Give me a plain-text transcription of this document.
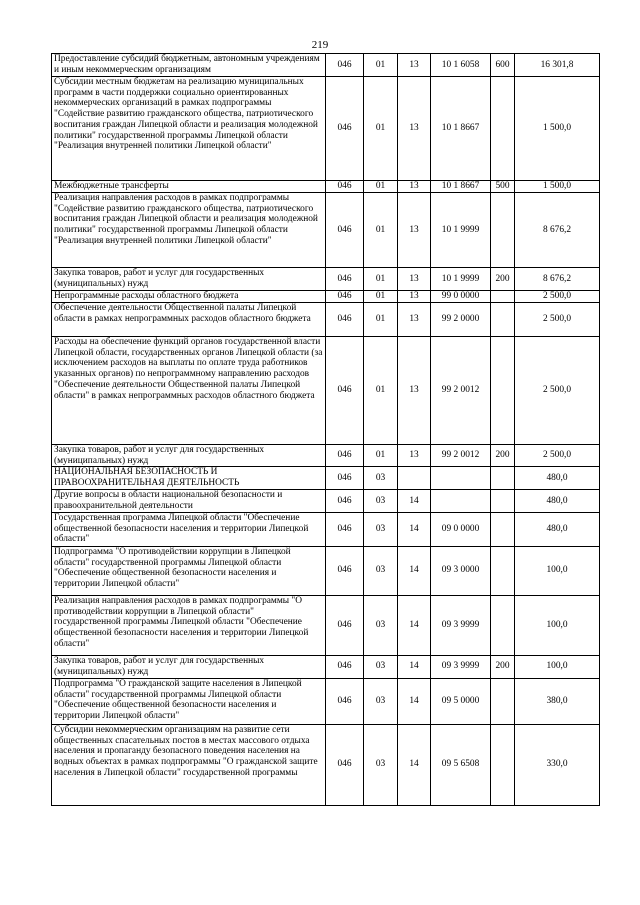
219
Предоставление субсидий бюджетным, автономным учреждениям и иным некоммерческим организациям	046	01	13	10 1 6058	600	16 301,8
Субсидии местным бюджетам на реализацию муниципальных программ в части поддержки социально ориентированных некоммерческих организаций в рамках подпрограммы "Содействие развитию гражданского общества, патриотического воспитания граждан Липецкой области и реализация молодежной политики" государственной программы Липецкой области "Реализация внутренней политики Липецкой области"	046	01	13	10 1 8667		1 500,0
Межбюджетные трансферты	046	01	13	10 1 8667	500	1 500,0
Реализация направления расходов в рамках подпрограммы "Содействие развитию гражданского общества, патриотического воспитания граждан Липецкой области и реализация молодежной политики" государственной программы Липецкой области "Реализация внутренней политики Липецкой области"	046	01	13	10 1 9999		8 676,2
Закупка товаров, работ и услуг для государственных (муниципальных) нужд	046	01	13	10 1 9999	200	8 676,2
Непрограммные расходы областного бюджета	046	01	13	99 0 0000		2 500,0
Обеспечение деятельности Общественной палаты Липецкой области в рамках непрограммных расходов областного бюджета	046	01	13	99 2 0000		2 500,0
Расходы на обеспечение функций органов государственной власти Липецкой области, государственных органов Липецкой области (за исключением расходов на выплаты по оплате труда работников указанных органов) по непрограммному направлению расходов "Обеспечение деятельности Общественной палаты Липецкой области" в рамках непрограммных расходов областного бюджета	046	01	13	99 2 0012		2 500,0
Закупка товаров, работ и услуг для государственных (муниципальных) нужд	046	01	13	99 2 0012	200	2 500,0
НАЦИОНАЛЬНАЯ БЕЗОПАСНОСТЬ И ПРАВООХРАНИТЕЛЬНАЯ ДЕЯТЕЛЬНОСТЬ	046	03				480,0
Другие вопросы в области национальной безопасности и правоохранительной деятельности	046	03	14			480,0
Государственная программа Липецкой области "Обеспечение общественной безопасности населения и территории Липецкой области"	046	03	14	09 0 0000		480,0
Подпрограмма "О противодействии коррупции в Липецкой области" государственной программы Липецкой области "Обеспечение общественной безопасности населения и территории Липецкой области"	046	03	14	09 3 0000		100,0
Реализация направления расходов в рамках подпрограммы "О противодействии коррупции в Липецкой области" государственной программы Липецкой области "Обеспечение общественной безопасности населения и территории Липецкой области"	046	03	14	09 3 9999		100,0
Закупка товаров, работ и услуг для государственных (муниципальных) нужд	046	03	14	09 3 9999	200	100,0
Подпрограмма "О гражданской защите населения в Липецкой области" государственной программы Липецкой области "Обеспечение общественной безопасности населения и территории Липецкой области"	046	03	14	09 5 0000		380,0
Субсидии некоммерческим организациям на развитие сети общественных спасательных постов в местах массового отдыха населения и пропаганду безопасного поведения населения на водных объектах в рамках подпрограммы "О гражданской защите населения в Липецкой области" государственной программы	046	03	14	09 5 6508		330,0
